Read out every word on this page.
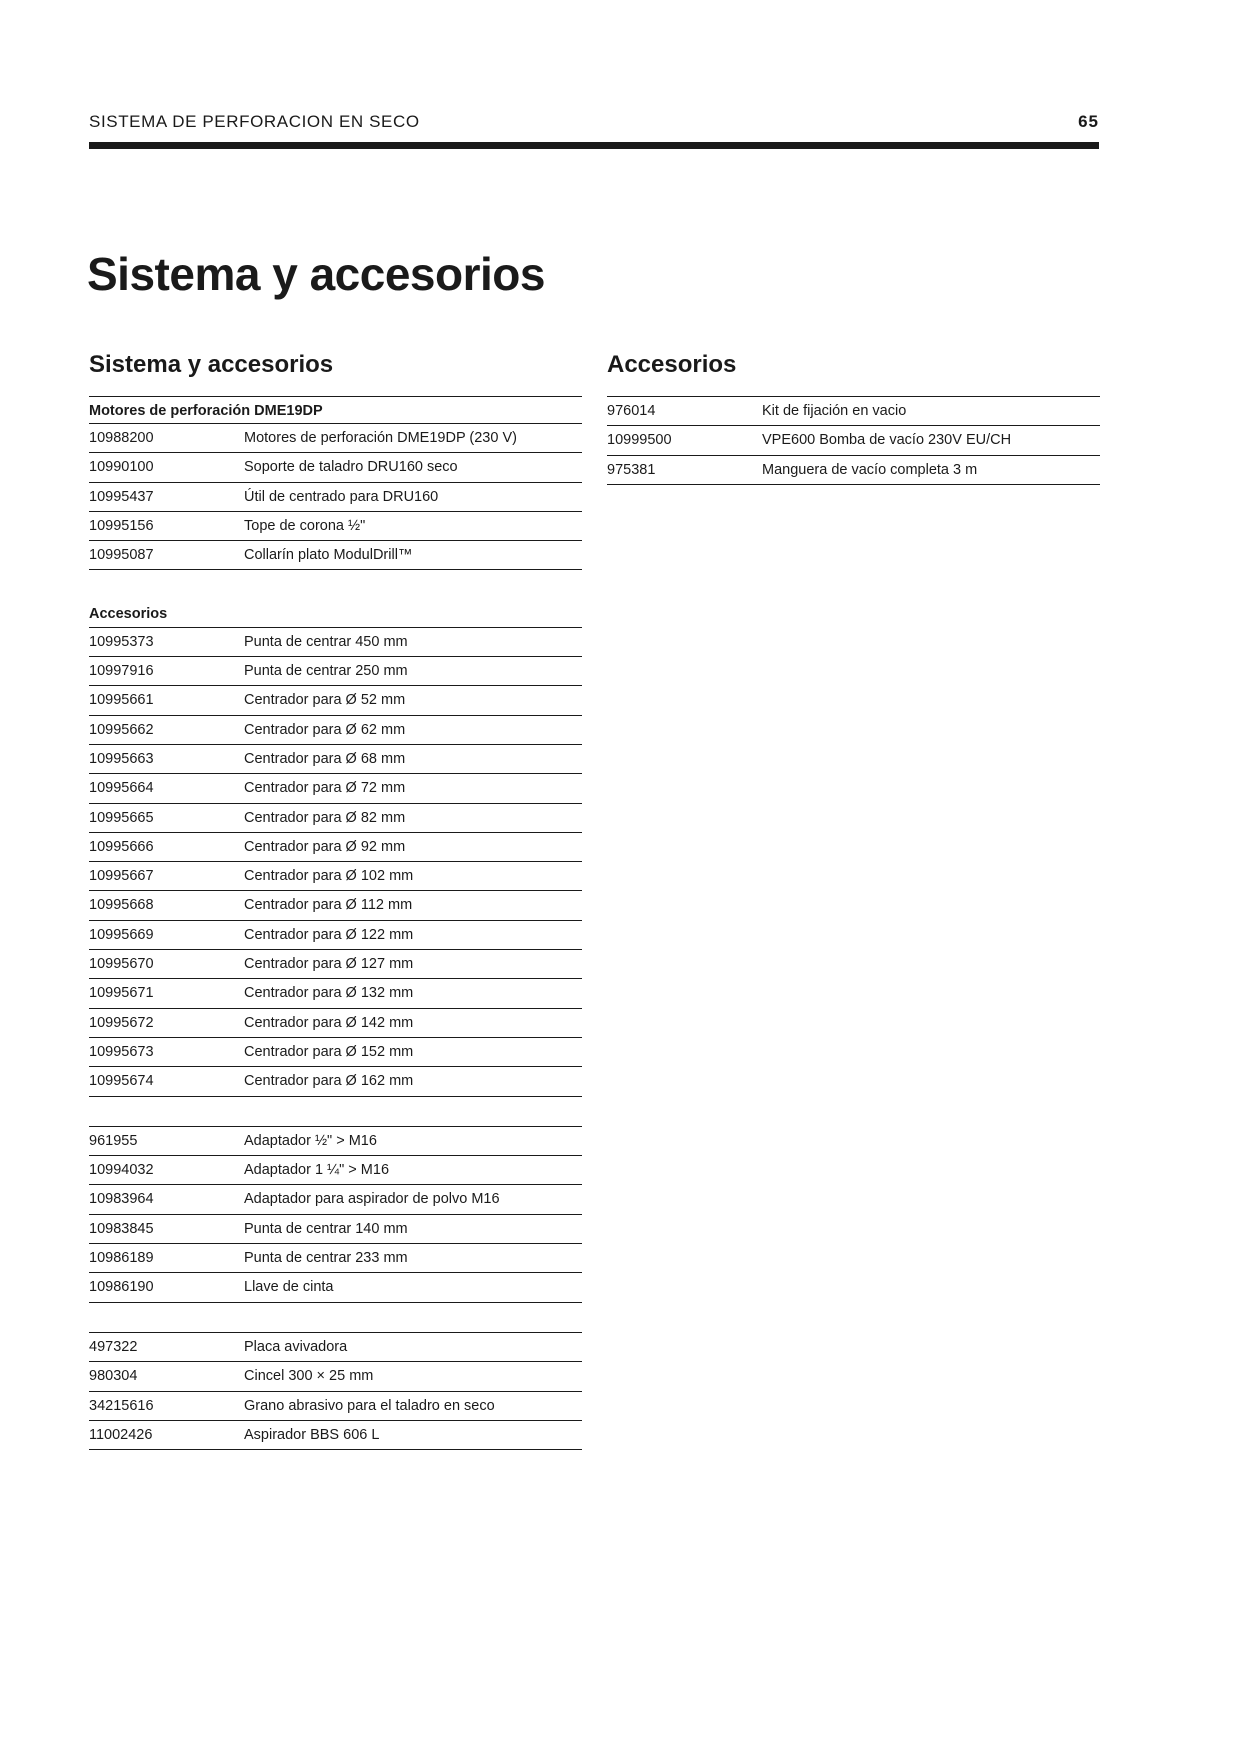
SISTEMA DE PERFORACION EN SECO	65
Sistema y accesorios
Sistema y accesorios
Motores de perforación DME19DP
10988200	Motores de perforación DME19DP (230 V)
10990100	Soporte de taladro DRU160 seco
10995437	Útil de centrado para DRU160
10995156	Tope de corona ½"
10995087	Collarín plato ModulDrill™
Accesorios
10995373	Punta de centrar 450 mm
10997916	Punta de centrar 250 mm
10995661	Centrador para Ø 52 mm
10995662	Centrador para Ø 62 mm
10995663	Centrador para Ø 68 mm
10995664	Centrador para Ø 72 mm
10995665	Centrador para Ø 82 mm
10995666	Centrador para Ø 92 mm
10995667	Centrador para Ø 102 mm
10995668	Centrador para Ø 112 mm
10995669	Centrador para Ø 122 mm
10995670	Centrador para Ø 127 mm
10995671	Centrador para Ø 132 mm
10995672	Centrador para Ø 142 mm
10995673	Centrador para Ø 152 mm
10995674	Centrador para Ø 162 mm
961955	Adaptador ½" > M16
10994032	Adaptador 1 ¼" > M16
10983964	Adaptador para aspirador de polvo M16
10983845	Punta de centrar 140 mm
10986189	Punta de centrar 233 mm
10986190	Llave de cinta
497322	Placa avivadora
980304	Cincel 300 × 25 mm
34215616	Grano abrasivo para el taladro en seco
11002426	Aspirador BBS 606 L
Accesorios
976014	Kit de fijación en vacio
10999500	VPE600 Bomba de vacío 230V EU/CH
975381	Manguera de vacío completa 3 m
